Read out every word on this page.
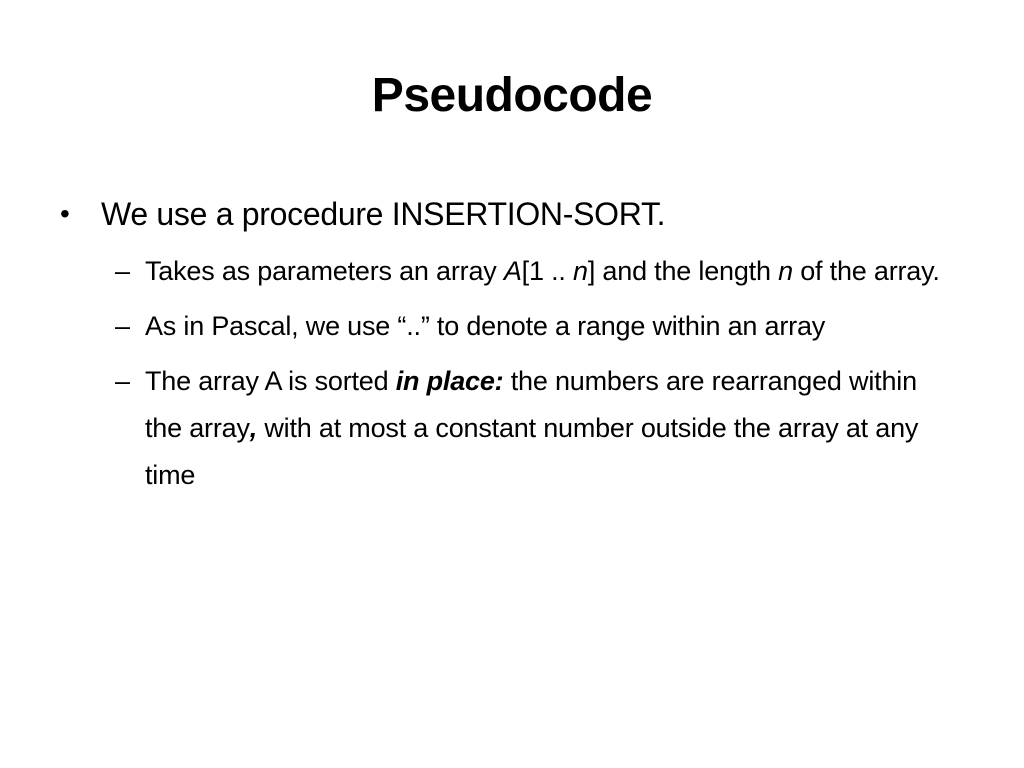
Pseudocode
• We use a procedure INSERTION-SORT.
– Takes as parameters an array A[1 .. n] and the length n of the array.
– As in Pascal, we use “..” to denote a range within an array
– The array A is sorted in place: the numbers are rearranged within the array, with at most a constant number outside the array at any time
